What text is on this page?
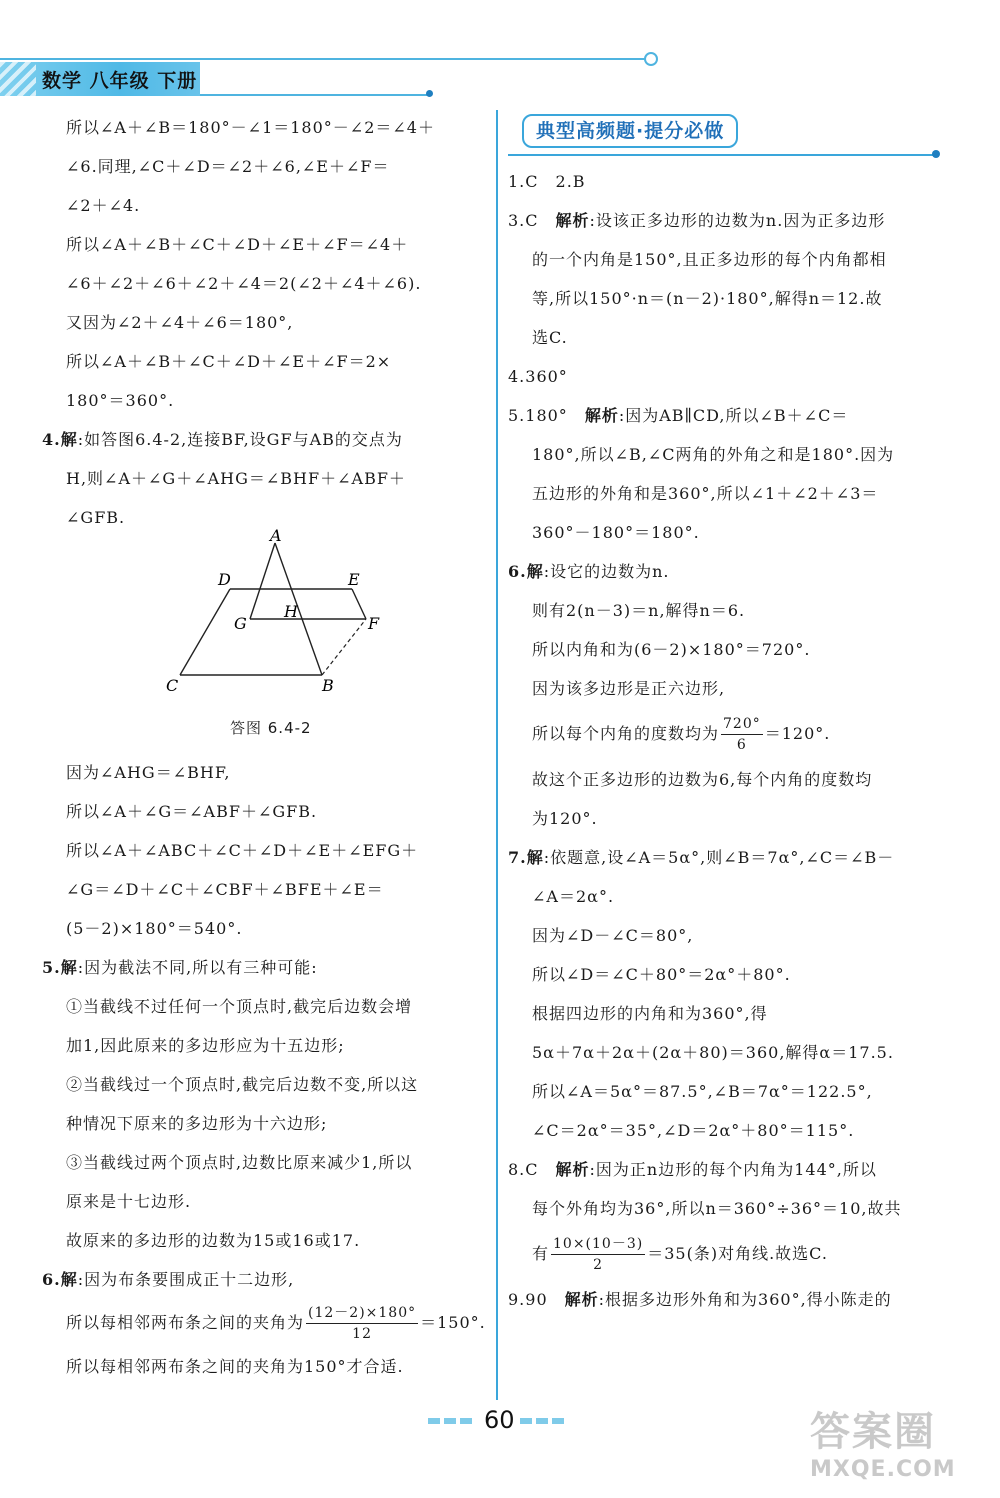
数学 八年级 下册
所以∠A＋∠B＝180°－∠1＝180°－∠2＝∠4＋
∠6.同理,∠C＋∠D＝∠2＋∠6,∠E＋∠F＝
∠2＋∠4.
所以∠A＋∠B＋∠C＋∠D＋∠E＋∠F＝∠4＋
∠6＋∠2＋∠6＋∠2＋∠4＝2(∠2＋∠4＋∠6).
又因为∠2＋∠4＋∠6＝180°,
所以∠A＋∠B＋∠C＋∠D＋∠E＋∠F＝2×
180°＝360°.
4.解:如答图6.4-2,连接BF,设GF与AB的交点为
H,则∠A＋∠G＋∠AHG＝∠BHF＋∠ABF＋
∠GFB.
A
D	E
G
H
F
C	B
答图 6.4-2
因为∠AHG＝∠BHF,
所以∠A＋∠G＝∠ABF＋∠GFB.
所以∠A＋∠ABC＋∠C＋∠D＋∠E＋∠EFG＋
∠G＝∠D＋∠C＋∠CBF＋∠BFE＋∠E＝
(5－2)×180°＝540°.
5.解:因为截法不同,所以有三种可能:
①当截线不过任何一个顶点时,截完后边数会增
加1,因此原来的多边形应为十五边形;
②当截线过一个顶点时,截完后边数不变,所以这
种情况下原来的多边形为十六边形;
③当截线过两个顶点时,边数比原来减少1,所以
原来是十七边形.
故原来的多边形的边数为15或16或17.
6.解:因为布条要围成正十二边形,
所以每相邻两布条之间的夹角为 $\frac{(12-2)\times 180^\circ}{12} =150^\circ$.
所以每相邻两布条之间的夹角为150°才合适.
典型高频题·提分必做
1.C　2.B
3.C　解析:设该正多边形的边数为n.因为正多边形
的一个内角是150°,且正多边形的每个内角都相
等,所以150°·n＝(n－2)·180°,解得n＝12.故
选C.
4.360°
5.180°　解析:因为AB∥CD,所以∠B＋∠C＝
180°,所以∠B,∠C两角的外角之和是180°.因为
五边形的外角和是360°,所以∠1＋∠2＋∠3＝
360°－180°＝180°.
6.解:设它的边数为n.
则有2(n－3)＝n,解得n＝6.
所以内角和为(6－2)×180°＝720°.
因为该多边形是正六边形,
所以每个内角的度数均为 $\frac{720^\circ}{6} =120^\circ$.
故这个正多边形的边数为6,每个内角的度数均
为120°.
7.解:依题意,设∠A＝5α°,则∠B＝7α°,∠C＝∠B－
∠A＝2α°.
因为∠D－∠C＝80°,
所以∠D＝∠C＋80°＝2α°＋80°.
根据四边形的内角和为360°,得
5α＋7α＋2α＋(2α＋80)＝360,解得α＝17.5.
所以∠A＝5α°＝87.5°,∠B＝7α°＝122.5°,
∠C＝2α°＝35°,∠D＝2α°＋80°＝115°.
8.C　解析:因为正n边形的每个内角为144°,所以
每个外角均为36°,所以n＝360°÷36°＝10,故共
有 $\frac{10\times(10-3)}{2} =35$(条)对角线.故选C.
9.90　解析:根据多边形外角和为360°,得小陈走的
60	答案圈
MXQE.COM
